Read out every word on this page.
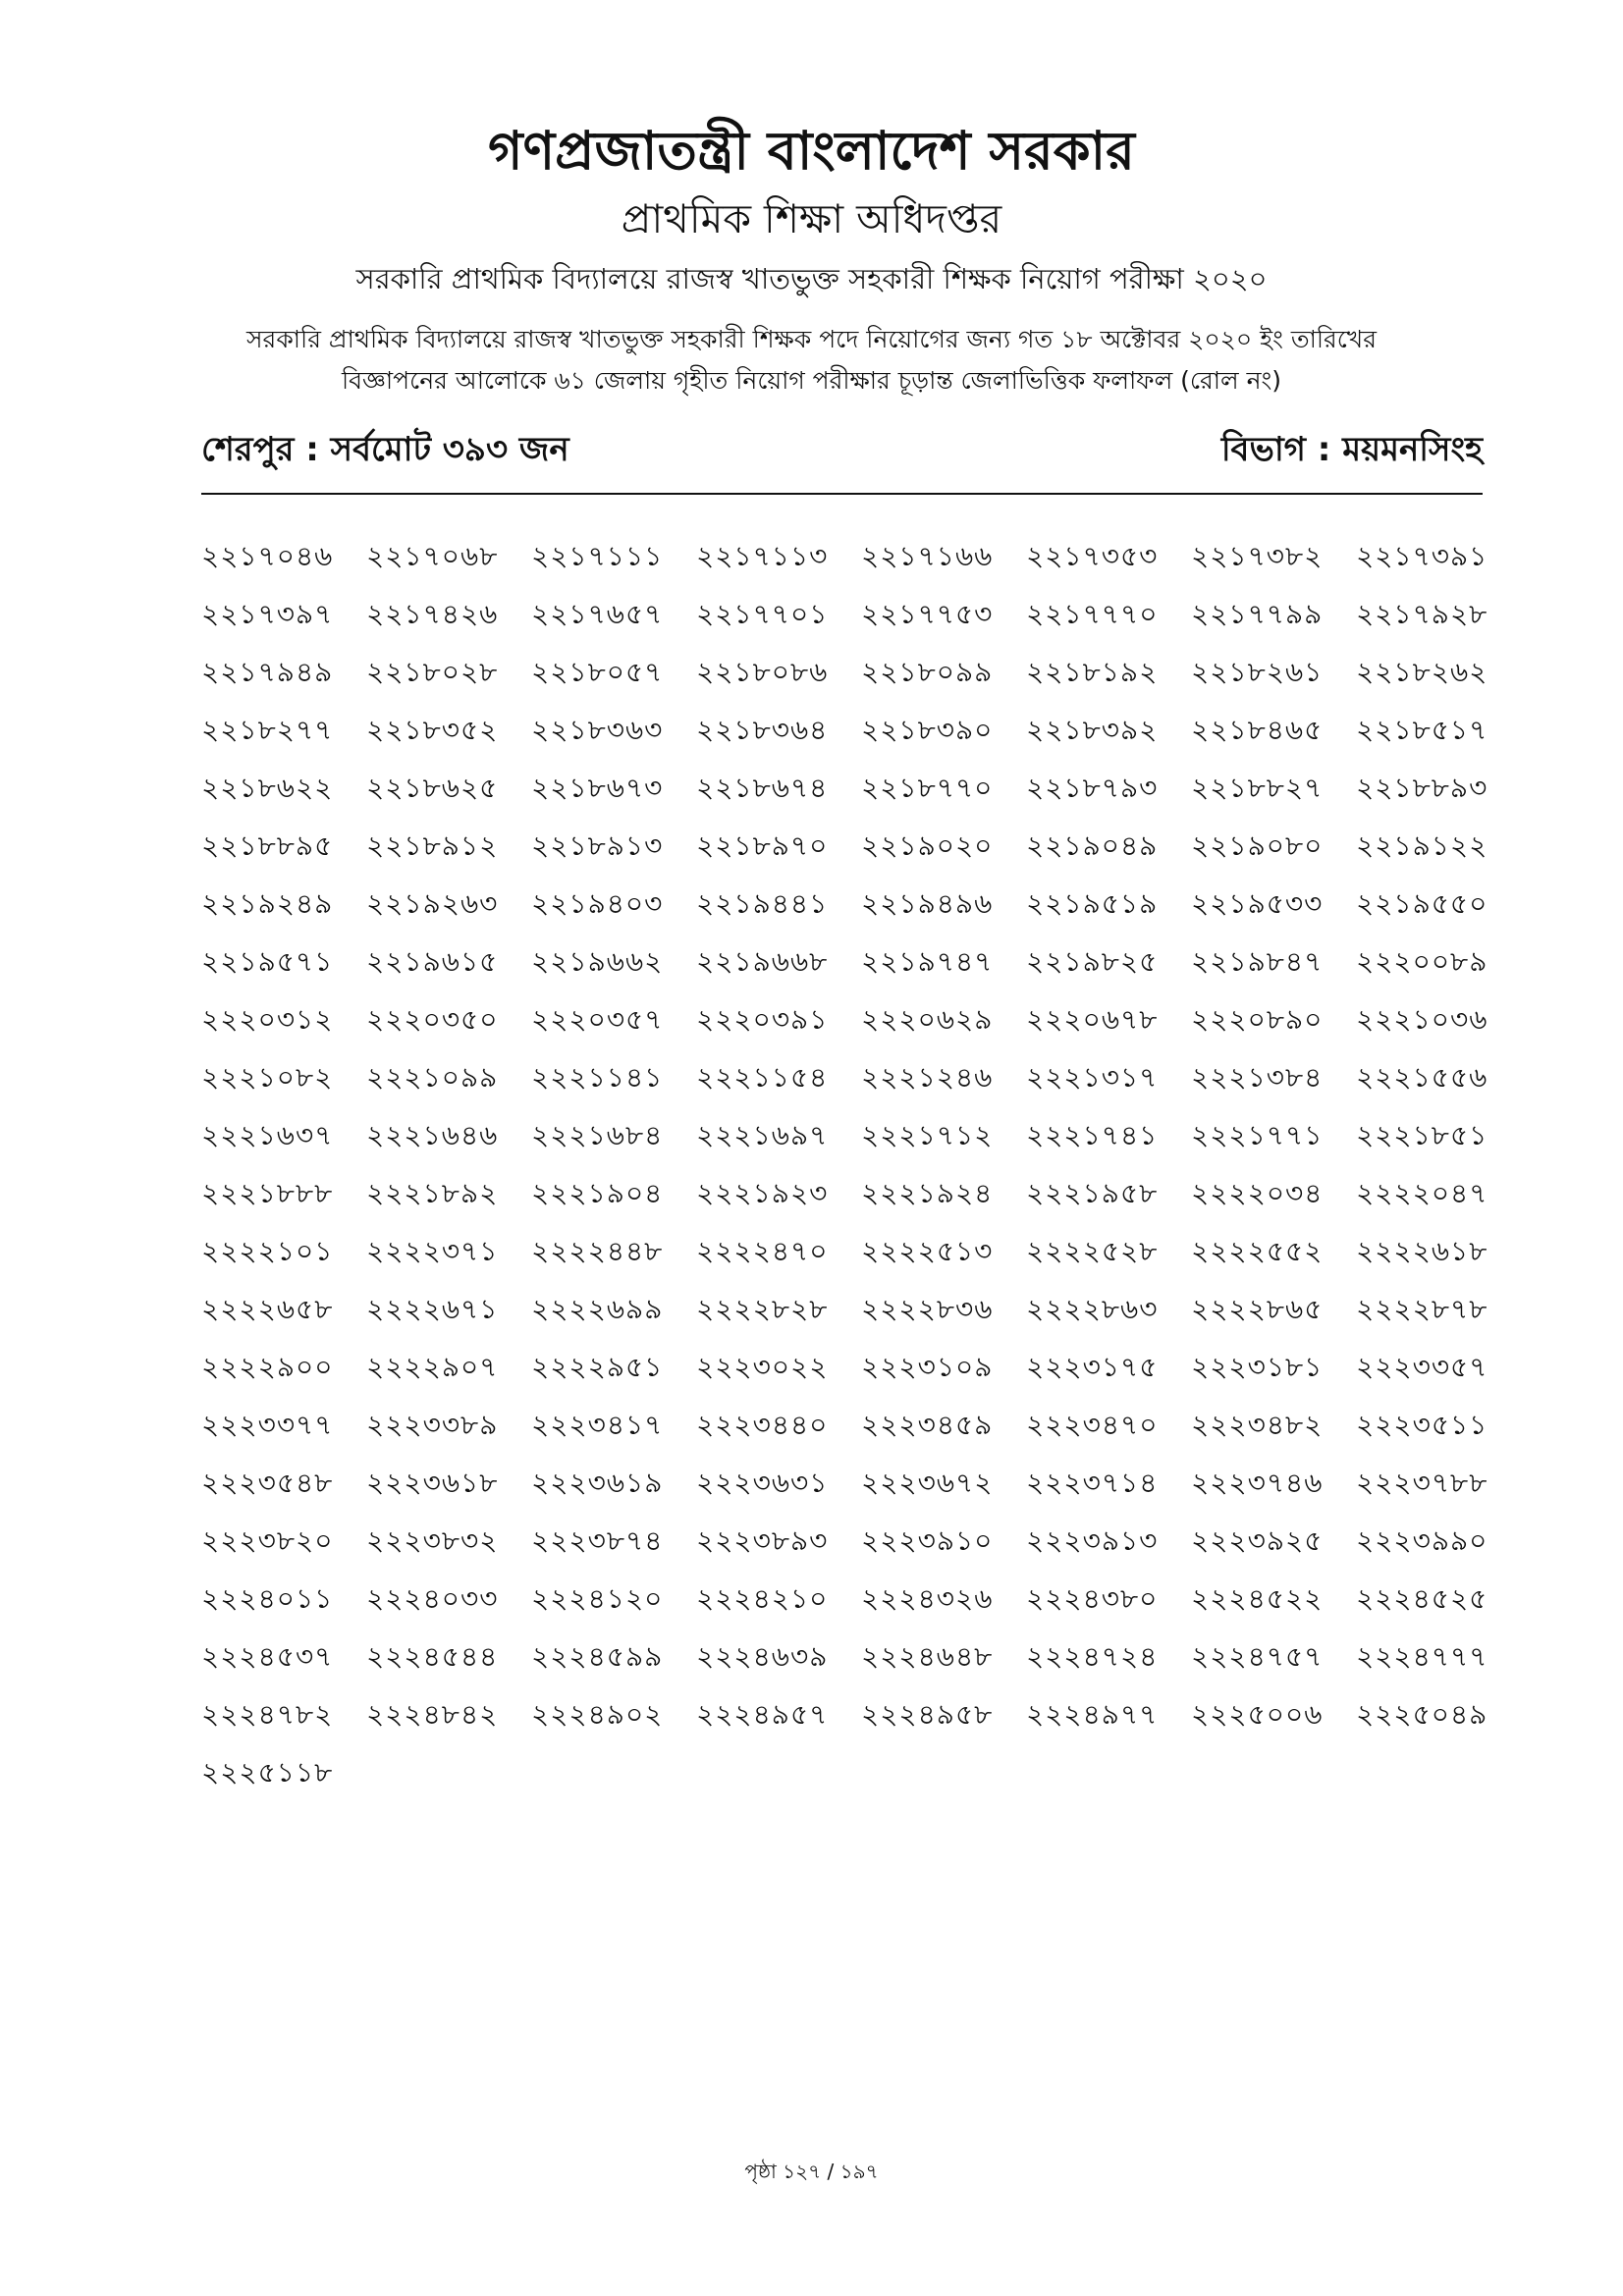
গণপ্রজাতন্ত্রী বাংলাদেশ সরকার
প্রাথমিক শিক্ষা অধিদপ্তর
সরকারি প্রাথমিক বিদ্যালয়ে রাজস্ব খাতভুক্ত সহকারী শিক্ষক নিয়োগ পরীক্ষা ২০২০
সরকারি প্রাথমিক বিদ্যালয়ে রাজস্ব খাতভুক্ত সহকারী শিক্ষক পদে নিয়োগের জন্য গত ১৮ অক্টোবর ২০২০ ইং তারিখের
বিজ্ঞাপনের আলোকে ৬১ জেলায় গৃহীত নিয়োগ পরীক্ষার চূড়ান্ত জেলাভিত্তিক ফলাফল (রোল নং)
শেরপুর : সর্বমোট ৩৯৩ জন	বিভাগ : ময়মনসিংহ
২২১৭০৪৬	২২১৭০৬৮	২২১৭১১১	২২১৭১১৩	২২১৭১৬৬	২২১৭৩৫৩	২২১৭৩৮২	২২১৭৩৯১
২২১৭৩৯৭	২২১৭৪২৬	২২১৭৬৫৭	২২১৭৭০১	২২১৭৭৫৩	২২১৭৭৭০	২২১৭৭৯৯	২২১৭৯২৮
২২১৭৯৪৯	২২১৮০২৮	২২১৮০৫৭	২২১৮০৮৬	২২১৮০৯৯	২২১৮১৯২	২২১৮২৬১	২২১৮২৬২
২২১৮২৭৭	২২১৮৩৫২	২২১৮৩৬৩	২২১৮৩৬৪	২২১৮৩৯০	২২১৮৩৯২	২২১৮৪৬৫	২২১৮৫১৭
২২১৮৬২২	২২১৮৬২৫	২২১৮৬৭৩	২২১৮৬৭৪	২২১৮৭৭০	২২১৮৭৯৩	২২১৮৮২৭	২২১৮৮৯৩
২২১৮৮৯৫	২২১৮৯১২	২২১৮৯১৩	২২১৮৯৭০	২২১৯০২০	২২১৯০৪৯	২২১৯০৮০	২২১৯১২২
২২১৯২৪৯	২২১৯২৬৩	২২১৯৪০৩	২২১৯৪৪১	২২১৯৪৯৬	২২১৯৫১৯	২২১৯৫৩৩	২২১৯৫৫০
২২১৯৫৭১	২২১৯৬১৫	২২১৯৬৬২	২২১৯৬৬৮	২২১৯৭৪৭	২২১৯৮২৫	২২১৯৮৪৭	২২২০০৮৯
২২২০৩১২	২২২০৩৫০	২২২০৩৫৭	২২২০৩৯১	২২২০৬২৯	২২২০৬৭৮	২২২০৮৯০	২২২১০৩৬
২২২১০৮২	২২২১০৯৯	২২২১১৪১	২২২১১৫৪	২২২১২৪৬	২২২১৩১৭	২২২১৩৮৪	২২২১৫৫৬
২২২১৬৩৭	২২২১৬৪৬	২২২১৬৮৪	২২২১৬৯৭	২২২১৭১২	২২২১৭৪১	২২২১৭৭১	২২২১৮৫১
২২২১৮৮৮	২২২১৮৯২	২২২১৯০৪	২২২১৯২৩	২২২১৯২৪	২২২১৯৫৮	২২২২০৩৪	২২২২০৪৭
২২২২১০১	২২২২৩৭১	২২২২৪৪৮	২২২২৪৭০	২২২২৫১৩	২২২২৫২৮	২২২২৫৫২	২২২২৬১৮
২২২২৬৫৮	২২২২৬৭১	২২২২৬৯৯	২২২২৮২৮	২২২২৮৩৬	২২২২৮৬৩	২২২২৮৬৫	২২২২৮৭৮
২২২২৯০০	২২২২৯০৭	২২২২৯৫১	২২২৩০২২	২২২৩১০৯	২২২৩১৭৫	২২২৩১৮১	২২২৩৩৫৭
২২২৩৩৭৭	২২২৩৩৮৯	২২২৩৪১৭	২২২৩৪৪০	২২২৩৪৫৯	২২২৩৪৭০	২২২৩৪৮২	২২২৩৫১১
২২২৩৫৪৮	২২২৩৬১৮	২২২৩৬১৯	২২২৩৬৩১	২২২৩৬৭২	২২২৩৭১৪	২২২৩৭৪৬	২২২৩৭৮৮
২২২৩৮২০	২২২৩৮৩২	২২২৩৮৭৪	২২২৩৮৯৩	২২২৩৯১০	২২২৩৯১৩	২২২৩৯২৫	২২২৩৯৯০
২২২৪০১১	২২২৪০৩৩	২২২৪১২০	২২২৪২১০	২২২৪৩২৬	২২২৪৩৮০	২২২৪৫২২	২২২৪৫২৫
২২২৪৫৩৭	২২২৪৫৪৪	২২২৪৫৯৯	২২২৪৬৩৯	২২২৪৬৪৮	২২২৪৭২৪	২২২৪৭৫৭	২২২৪৭৭৭
২২২৪৭৮২	২২২৪৮৪২	২২২৪৯০২	২২২৪৯৫৭	২২২৪৯৫৮	২২২৪৯৭৭	২২২৫০০৬	২২২৫০৪৯
২২২৫১১৮
পৃষ্ঠা ১২৭ / ১৯৭
